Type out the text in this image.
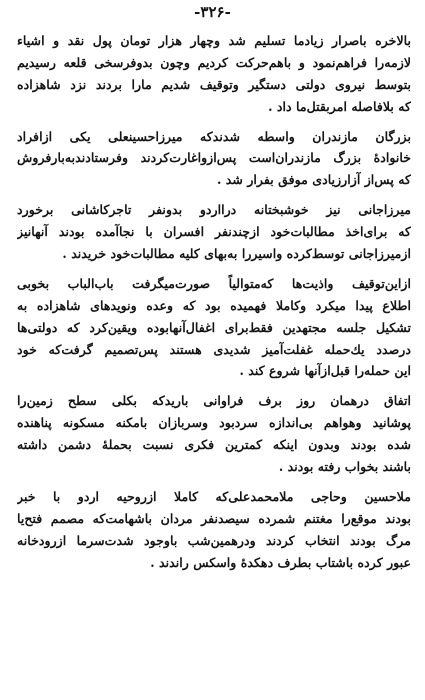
-۳۲۶-
بالاخره باصرار زیادما تسلیم شد وچهار هزار تومان پول نقد و اشیاء
لازمه‌را فراهم‌نمود و باهم‌حرکت کردیم وچون بدوفرسخی قلعه رسیدیم
بتوسط نیروی دولتی دستگیر وتوقیف شدیم مارا بردند نزد شاهزاده
که بلافاصله امربقتل‌ما داد .
بزرگان مازندران واسطه شدندکه میرزاحسینعلی یکی ازافراد
خانوادهٔ بزرگ مازندران‌است پس‌ازواغارت‌کردند وفرستادندبه‌بارفروش
که پس‌از آزارزیادی موفق بفرار شد .
میرزاجانی نیز خوشبختانه درااردو بدونفر تاجرکاشانی برخورد
که برای‌اخذ مطالبات‌خود ازچندنفر افسران با نجاآمده بودند آنهانیز
ازمیرزاجانی توسط‌کرده واسیررا به‌بهای کلیه مطالبات‌خود خریدند .
ازاین‌توقیف واذیت‌ها که‌متوالیاً صورت‌میگرفت باب‌الباب بخوبی
اطلاع پیدا میکرد وکاملا فهمیده بود که وعده ونویدهای شاهزاده به
تشکیل جلسه مجتهدین فقط‌برای اغفال‌آنهابوده ویقین‌کرد که دولتی‌ها
درصدد یك‌حمله غفلت‌آمیز شدیدی هستند پس‌تصمیم گرفت‌که خود
این حمله‌را قبل‌ازآنها شروع کند .
اتفاق درهمان روز برف فراوانی باریدکه بکلی سطح زمین‌را
پوشانید وهواهم بی‌اندازه سردبود وسربازان بامکنه مسکونه پناهنده
شده بودند وبدون اینکه کمترین فکری نسبت بحملهٔ دشمن داشته
باشند بخواب رفته بودند .
ملاحسین وحاجی ملامحمدعلی‌که کاملا ازروحیه اردو با خبر
بودند موقع‌را مغتنم شمرده سیصدنفر مردان باشهامت‌که مصمم فتح‌یا
مرگ بودند انتخاب کردند ودرهمین‌شب باوجود شدت‌سرما ازرودخانه
عبور کرده باشتاب بطرف دهکدهٔ واسکس راندند .
